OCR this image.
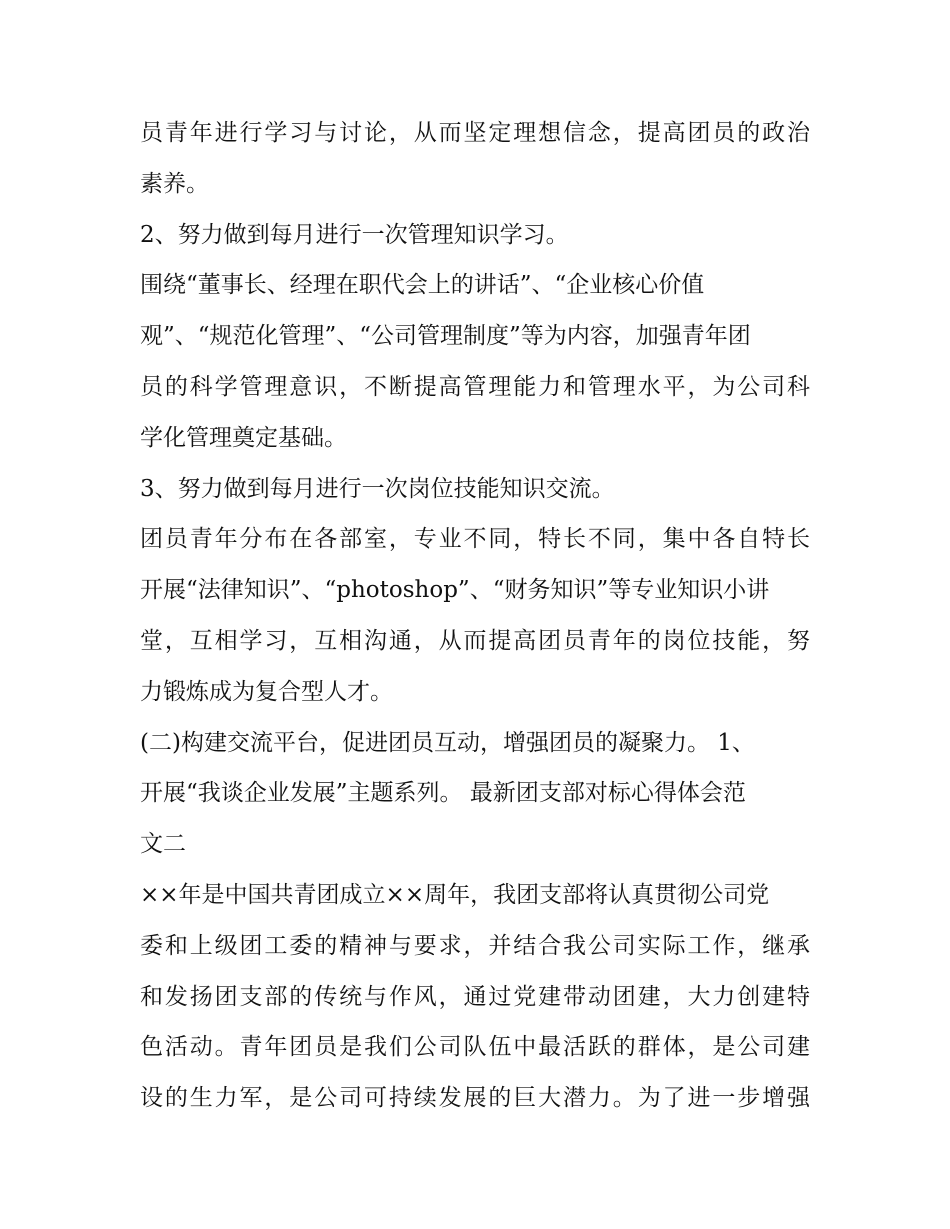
员青年进行学习与讨论，从而坚定理想信念，提高团员的政治
素养。
2、努力做到每月进行一次管理知识学习。
围绕“董事长、经理在职代会上的讲话”、“企业核心价值
观”、“规范化管理”、“公司管理制度”等为内容，加强青年团
员的科学管理意识，不断提高管理能力和管理水平，为公司科
学化管理奠定基础。
3、努力做到每月进行一次岗位技能知识交流。
团员青年分布在各部室，专业不同，特长不同，集中各自特长
开展“法律知识”、“photoshop”、“财务知识”等专业知识小讲
堂，互相学习，互相沟通，从而提高团员青年的岗位技能，努
力锻炼成为复合型人才。
(二)构建交流平台，促进团员互动，增强团员的凝聚力。 1、
开展“我谈企业发展”主题系列。 最新团支部对标心得体会范
文二
××年是中国共青团成立××周年，我团支部将认真贯彻公司党
委和上级团工委的精神与要求，并结合我公司实际工作，继承
和发扬团支部的传统与作风，通过党建带动团建，大力创建特
色活动。青年团员是我们公司队伍中最活跃的群体，是公司建
设的生力军，是公司可持续发展的巨大潜力。为了进一步增强
